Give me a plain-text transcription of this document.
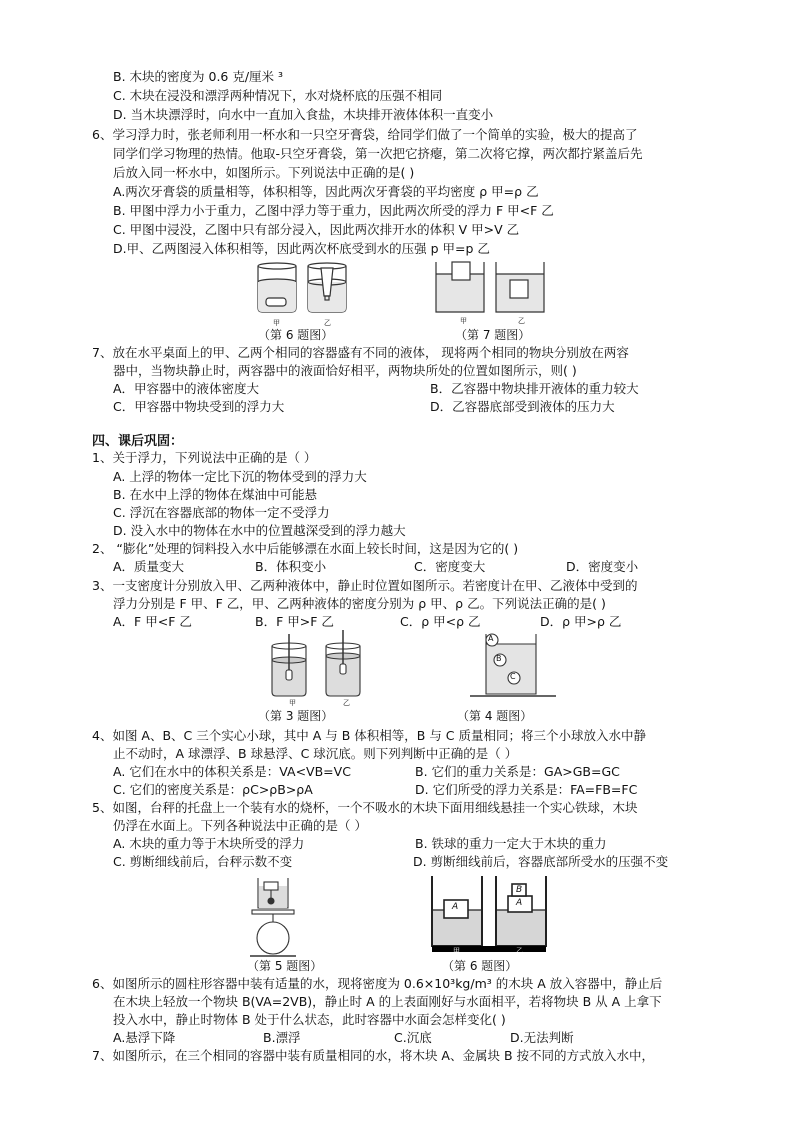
B. 木块的密度为 0.6 克/厘米 ³
C. 木块在浸没和漂浮两种情况下，水对烧杯底的压强不相同
D. 当木块漂浮时，向水中一直加入食盐，木块排开液体体积一直变小
6、学习浮力时，张老师利用一杯水和一只空牙膏袋，给同学们做了一个简单的实验，极大的提高了
同学们学习物理的热情。他取-只空牙膏袋，第一次把它挤瘪，第二次将它撑，两次都拧紧盖后先
后放入同一杯水中，如图所示。下列说法中正确的是( )
A.两次牙膏袋的质量相等，体积相等，因此两次牙膏袋的平均密度 ρ 甲=ρ 乙
B. 甲图中浮力小于重力，乙图中浮力等于重力，因此两次所受的浮力 F 甲<F 乙
C. 甲图中浸没，乙图中只有部分浸入，因此两次排开水的体积 V 甲>V 乙
D.甲、乙两图浸入体积相等，因此两次杯底受到水的压强 p 甲=p 乙
甲	乙
（第 6 题图）
甲	乙
（第 7 题图）
7、放在水平桌面上的甲、乙两个相同的容器盛有不同的液体， 现将两个相同的物块分别放在两容
器中，当物块静止时，两容器中的液面恰好相平，两物块所处的位置如图所示，则( )
A．甲容器中的液体密度大	B．乙容器中物块排开液体的重力较大
C．甲容器中物块受到的浮力大	D．乙容器底部受到液体的压力大
四、课后巩固：
1、关于浮力，下列说法中正确的是（ ）
A. 上浮的物体一定比下沉的物体受到的浮力大
B. 在水中上浮的物体在煤油中可能悬
C. 浮沉在容器底部的物体一定不受浮力
D. 没入水中的物体在水中的位置越深受到的浮力越大
2、 “膨化”处理的饲料投入水中后能够漂在水面上较长时间，这是因为它的( )
A．质量变大	B．体积变小	C．密度变大	D．密度变小
3、一支密度计分别放入甲、乙两种液体中，静止时位置如图所示。若密度计在甲、乙液体中受到的
浮力分别是 F 甲、F 乙，甲、乙两种液体的密度分别为 ρ 甲、ρ 乙。下列说法正确的是( )
A．F 甲<F 乙	B．F 甲>F 乙	C．ρ 甲<ρ 乙	D．ρ 甲>ρ 乙
甲	乙
（第 3 题图）
A
B
C
（第 4 题图）
4、如图 A、B、C 三个实心小球，其中 A 与 B 体积相等，B 与 C 质量相同；将三个小球放入水中静
止不动时，A 球漂浮、B 球悬浮、C 球沉底。则下列判断中正确的是（ ）
A. 它们在水中的体积关系是：VA<VB=VC	B. 它们的重力关系是：GA>GB=GC
C. 它们的密度关系是：ρC>ρB>ρA	D. 它们所受的浮力关系是：FA=FB=FC
5、如图，台秤的托盘上一个装有水的烧杯，一个不吸水的木块下面用细线悬挂一个实心铁球，木块
仍浮在水面上。下列各种说法中正确的是（ ）
A. 木块的重力等于木块所受的浮力	B. 铁球的重力一定大于木块的重力
C. 剪断细线前后，台秤示数不变	D. 剪断细线前后，容器底部所受水的压强不变
（第 5 题图）
A	A
B
甲	乙
（第 6 题图）
6、如图所示的圆柱形容器中装有适量的水，现将密度为 0.6×10³kg/m³ 的木块 A 放入容器中，静止后
在木块上轻放一个物块 B(VA=2VB)，静止时 A 的上表面刚好与水面相平，若将物块 B 从 A 上拿下
投入水中，静止时物体 B 处于什么状态，此时容器中水面会怎样变化( )
A.悬浮下降	B.漂浮	C.沉底	D.无法判断
7、如图所示，在三个相同的容器中装有质量相同的水，将木块 A、金属块 B 按不同的方式放入水中，
